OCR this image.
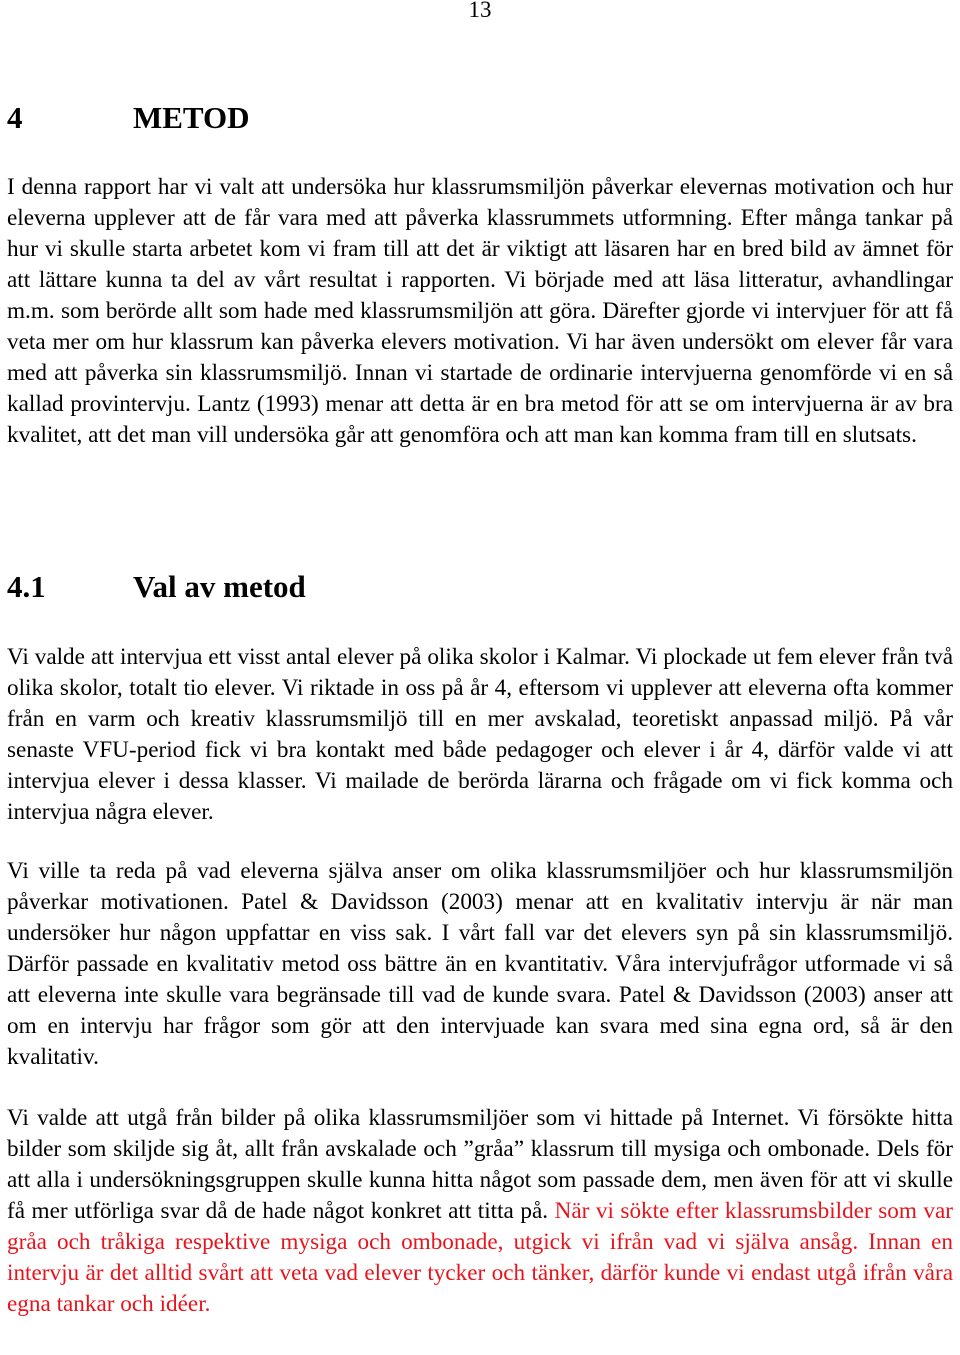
13
4	METOD

I denna rapport har vi valt att undersöka hur klassrumsmiljön påverkar elevernas motivation och hur eleverna upplever att de får vara med att påverka klassrummets utformning. Efter många tankar på hur vi skulle starta arbetet kom vi fram till att det är viktigt att läsaren har en bred bild av ämnet för att lättare kunna ta del av vårt resultat i rapporten. Vi började med att läsa litteratur, avhandlingar m.m. som berörde allt som hade med klassrumsmiljön att göra. Därefter gjorde vi intervjuer för att få veta mer om hur klassrum kan påverka elevers motivation. Vi har även undersökt om elever får vara med att påverka sin klassrumsmiljö. Innan vi startade de ordinarie intervjuerna genomförde vi en så kallad provintervju. Lantz (1993) menar att detta är en bra metod för att se om intervjuerna är av bra kvalitet, att det man vill undersöka går att genomföra och att man kan komma fram till en slutsats.

4.1	Val av metod

Vi valde att intervjua ett visst antal elever på olika skolor i Kalmar. Vi plockade ut fem elever från två olika skolor, totalt tio elever. Vi riktade in oss på år 4, eftersom vi upplever att eleverna ofta kommer från en varm och kreativ klassrumsmiljö till en mer avskalad, teoretiskt anpassad miljö. På vår senaste VFU-period fick vi bra kontakt med både pedagoger och elever i år 4, därför valde vi att intervjua elever i dessa klasser. Vi mailade de berörda lärarna och frågade om vi fick komma och intervjua några elever.

Vi ville ta reda på vad eleverna själva anser om olika klassrumsmiljöer och hur klassrumsmiljön påverkar motivationen. Patel & Davidsson (2003) menar att en kvalitativ intervju är när man undersöker hur någon uppfattar en viss sak. I vårt fall var det elevers syn på sin klassrumsmiljö. Därför passade en kvalitativ metod oss bättre än en kvantitativ. Våra intervjufrågor utformade vi så att eleverna inte skulle vara begränsade till vad de kunde svara. Patel & Davidsson (2003) anser att om en intervju har frågor som gör att den intervjuade kan svara med sina egna ord, så är den kvalitativ.

Vi valde att utgå från bilder på olika klassrumsmiljöer som vi hittade på Internet. Vi försökte hitta bilder som skiljde sig åt, allt från avskalade och ”gråa” klassrum till mysiga och ombonade. Dels för att alla i undersökningsgruppen skulle kunna hitta något som passade dem, men även för att vi skulle få mer utförliga svar då de hade något konkret att titta på. När vi sökte efter klassrumsbilder som var gråa och tråkiga respektive mysiga och ombonade, utgick vi ifrån vad vi själva ansåg. Innan en intervju är det alltid svårt att veta vad elever tycker och tänker, därför kunde vi endast utgå ifrån våra egna tankar och idéer.
